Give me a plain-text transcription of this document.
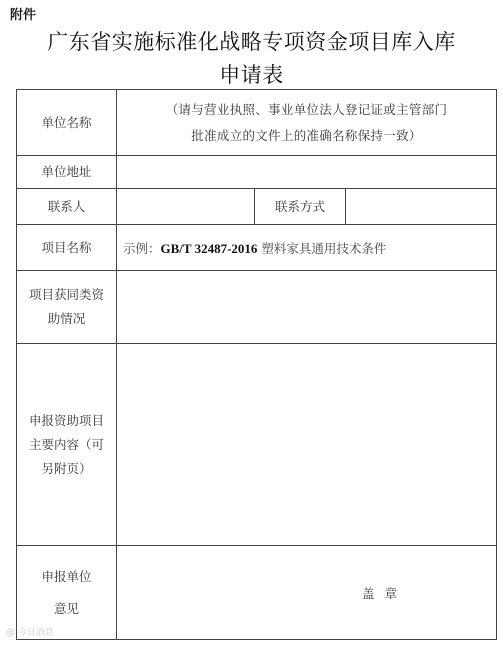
附件
广东省实施标准化战略专项资金项目库入库
申请表
单位名称	（请与营业执照、事业单位法人登记证或主管部门
批准成立的文件上的准确名称保持一致）		

单位地址			
联系人		联系方式	
项目名称	示例：GB/T 32487-2016 塑料家具通用技术条件		

项目获同类资
助情况			

申报资助项目
主要内容（可
另附页）			

申报单位
意见	盖章		
@ 今日消息
